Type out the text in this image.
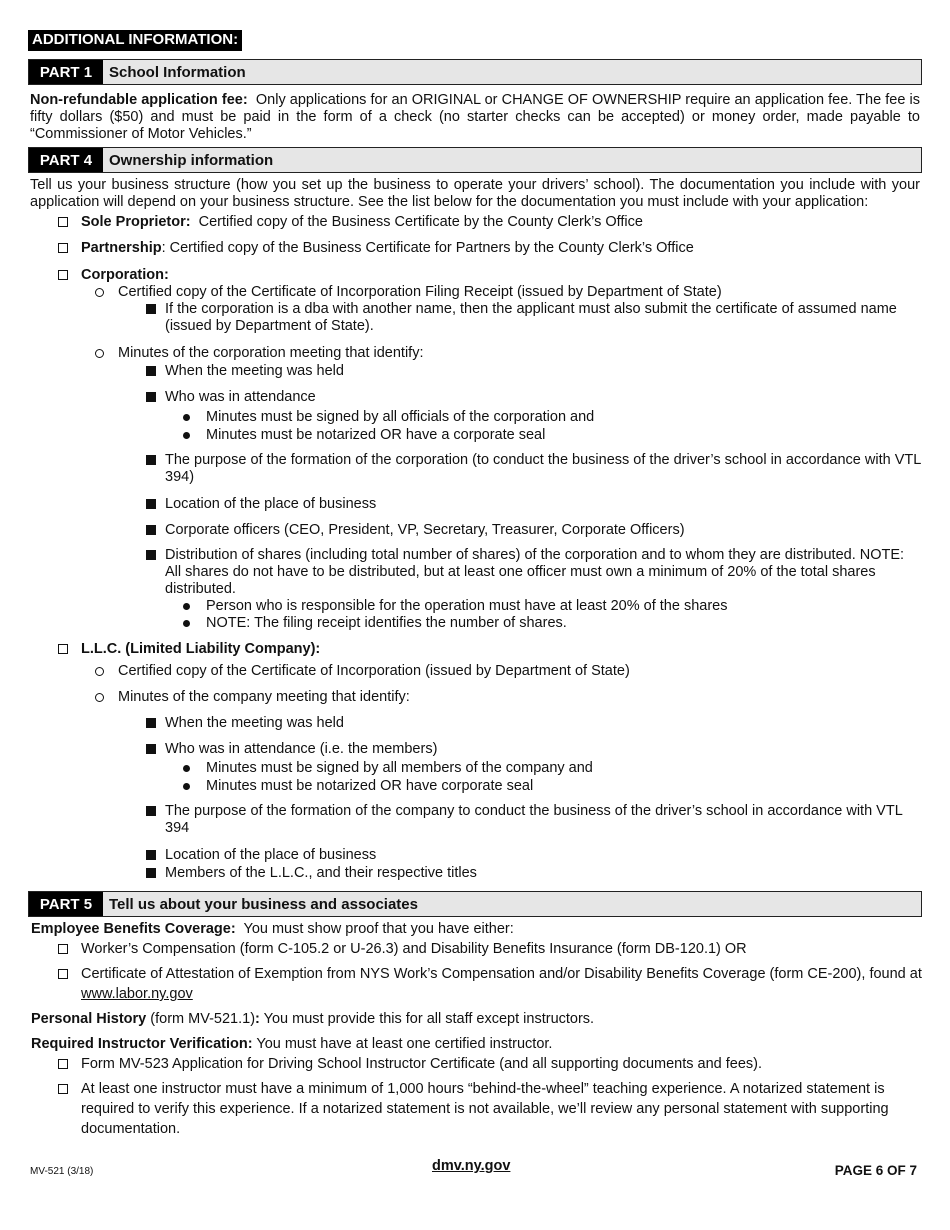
ADDITIONAL INFORMATION:
PART 1	School Information
Non-refundable application fee: Only applications for an ORIGINAL or CHANGE OF OWNERSHIP require an application fee. The fee is fifty dollars ($50) and must be paid in the form of a check (no starter checks can be accepted) or money order, made payable to “Commissioner of Motor Vehicles.”
PART 4	Ownership information
Tell us your business structure (how you set up the business to operate your drivers’ school). The documentation you include with your application will depend on your business structure. See the list below for the documentation you must include with your application:
Sole Proprietor: Certified copy of the Business Certificate by the County Clerk’s Office
Partnership: Certified copy of the Business Certificate for Partners by the County Clerk’s Office
Corporation:
Certified copy of the Certificate of Incorporation Filing Receipt (issued by Department of State)
If the corporation is a dba with another name, then the applicant must also submit the certificate of assumed name (issued by Department of State).
Minutes of the corporation meeting that identify:
When the meeting was held
Who was in attendance
Minutes must be signed by all officials of the corporation and
Minutes must be notarized OR have a corporate seal
The purpose of the formation of the corporation (to conduct the business of the driver’s school in accordance with VTL 394)
Location of the place of business
Corporate officers (CEO, President, VP, Secretary, Treasurer, Corporate Officers)
Distribution of shares (including total number of shares) of the corporation and to whom they are distributed. NOTE: All shares do not have to be distributed, but at least one officer must own a minimum of 20% of the total shares distributed.
Person who is responsible for the operation must have at least 20% of the shares
NOTE: The filing receipt identifies the number of shares.
L.L.C. (Limited Liability Company):
Certified copy of the Certificate of Incorporation (issued by Department of State)
Minutes of the company meeting that identify:
When the meeting was held
Who was in attendance (i.e. the members)
Minutes must be signed by all members of the company and
Minutes must be notarized OR have corporate seal
The purpose of the formation of the company to conduct the business of the driver’s school in accordance with VTL 394
Location of the place of business
Members of the L.L.C., and their respective titles
PART 5	Tell us about your business and associates
Employee Benefits Coverage: You must show proof that you have either:
Worker’s Compensation (form C-105.2 or U-26.3) and Disability Benefits Insurance (form DB-120.1) OR
Certificate of Attestation of Exemption from NYS Work’s Compensation and/or Disability Benefits Coverage (form CE-200), found at www.labor.ny.gov
Personal History (form MV-521.1): You must provide this for all staff except instructors.
Required Instructor Verification: You must have at least one certified instructor.
Form MV-523 Application for Driving School Instructor Certificate (and all supporting documents and fees).
At least one instructor must have a minimum of 1,000 hours “behind-the-wheel” teaching experience. A notarized statement is required to verify this experience. If a notarized statement is not available, we’ll review any personal statement with supporting documentation.
MV-521 (3/18)	dmv.ny.gov	PAGE 6 OF 7
